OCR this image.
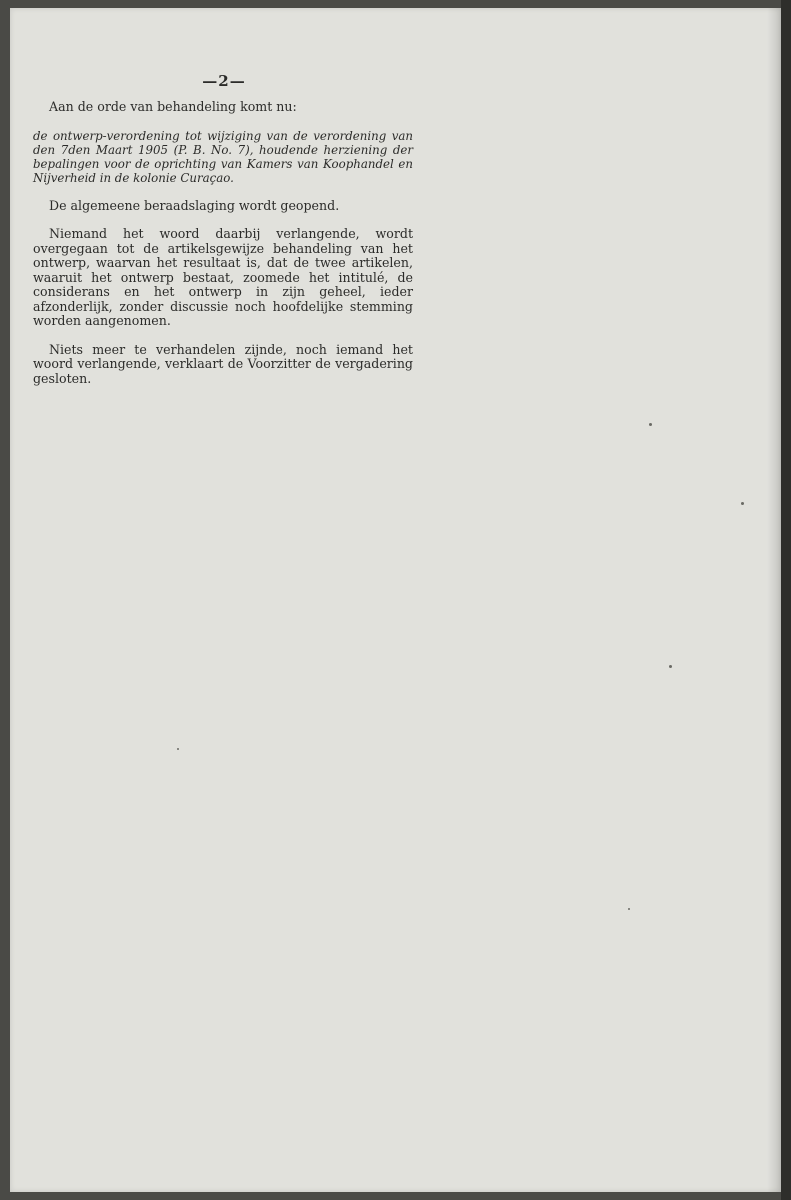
—2—

Aan de orde van behandeling komt nu:

de ontwerp-verordening tot wijziging van de verordening van den 7den Maart 1905 (P. B. No. 7), houdende herziening der bepalingen voor de oprichting van Kamers van Koophandel en Nijverheid in de kolonie Curaçao.

De algemeene beraadslaging wordt geopend.

Niemand het woord daarbij verlangende, wordt overgegaan tot de artikelsgewijze behandeling van het ontwerp, waarvan het resultaat is, dat de twee artikelen, waaruit het ontwerp bestaat, zoomede het intitulé, de considerans en het ontwerp in zijn geheel, ieder afzonderlijk, zonder discussie noch hoofdelijke stemming worden aangenomen.

Niets meer te verhandelen zijnde, noch iemand het woord verlangende, verklaart de Voorzitter de vergadering gesloten.
